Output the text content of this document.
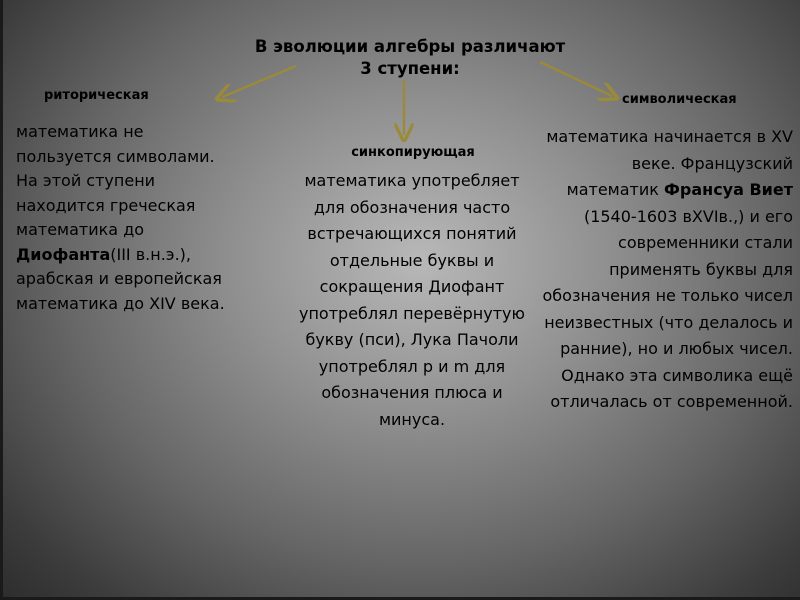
В эволюции алгебры различают
3 ступени:
риторическая
синкопирующая
символическая
математика не пользуется символами. На этой ступени находится греческая математика до Диофанта(III в.н.э.), арабская и европейская математика до XIV века.
математика употребляет для обозначения часто встречающихся понятий отдельные буквы и сокращения Диофант употреблял перевёрнутую букву (пси), Лука Пачоли употреблял p и m для обозначения плюса и минуса.
математика начинается в XV веке. Французский математик Франсуа Виет (1540-1603 вXVIв.,) и его современники стали применять буквы для обозначения не только чисел неизвестных (что делалось и ранние), но и любых чисел. Однако эта символика ещё отличалась от современной.
